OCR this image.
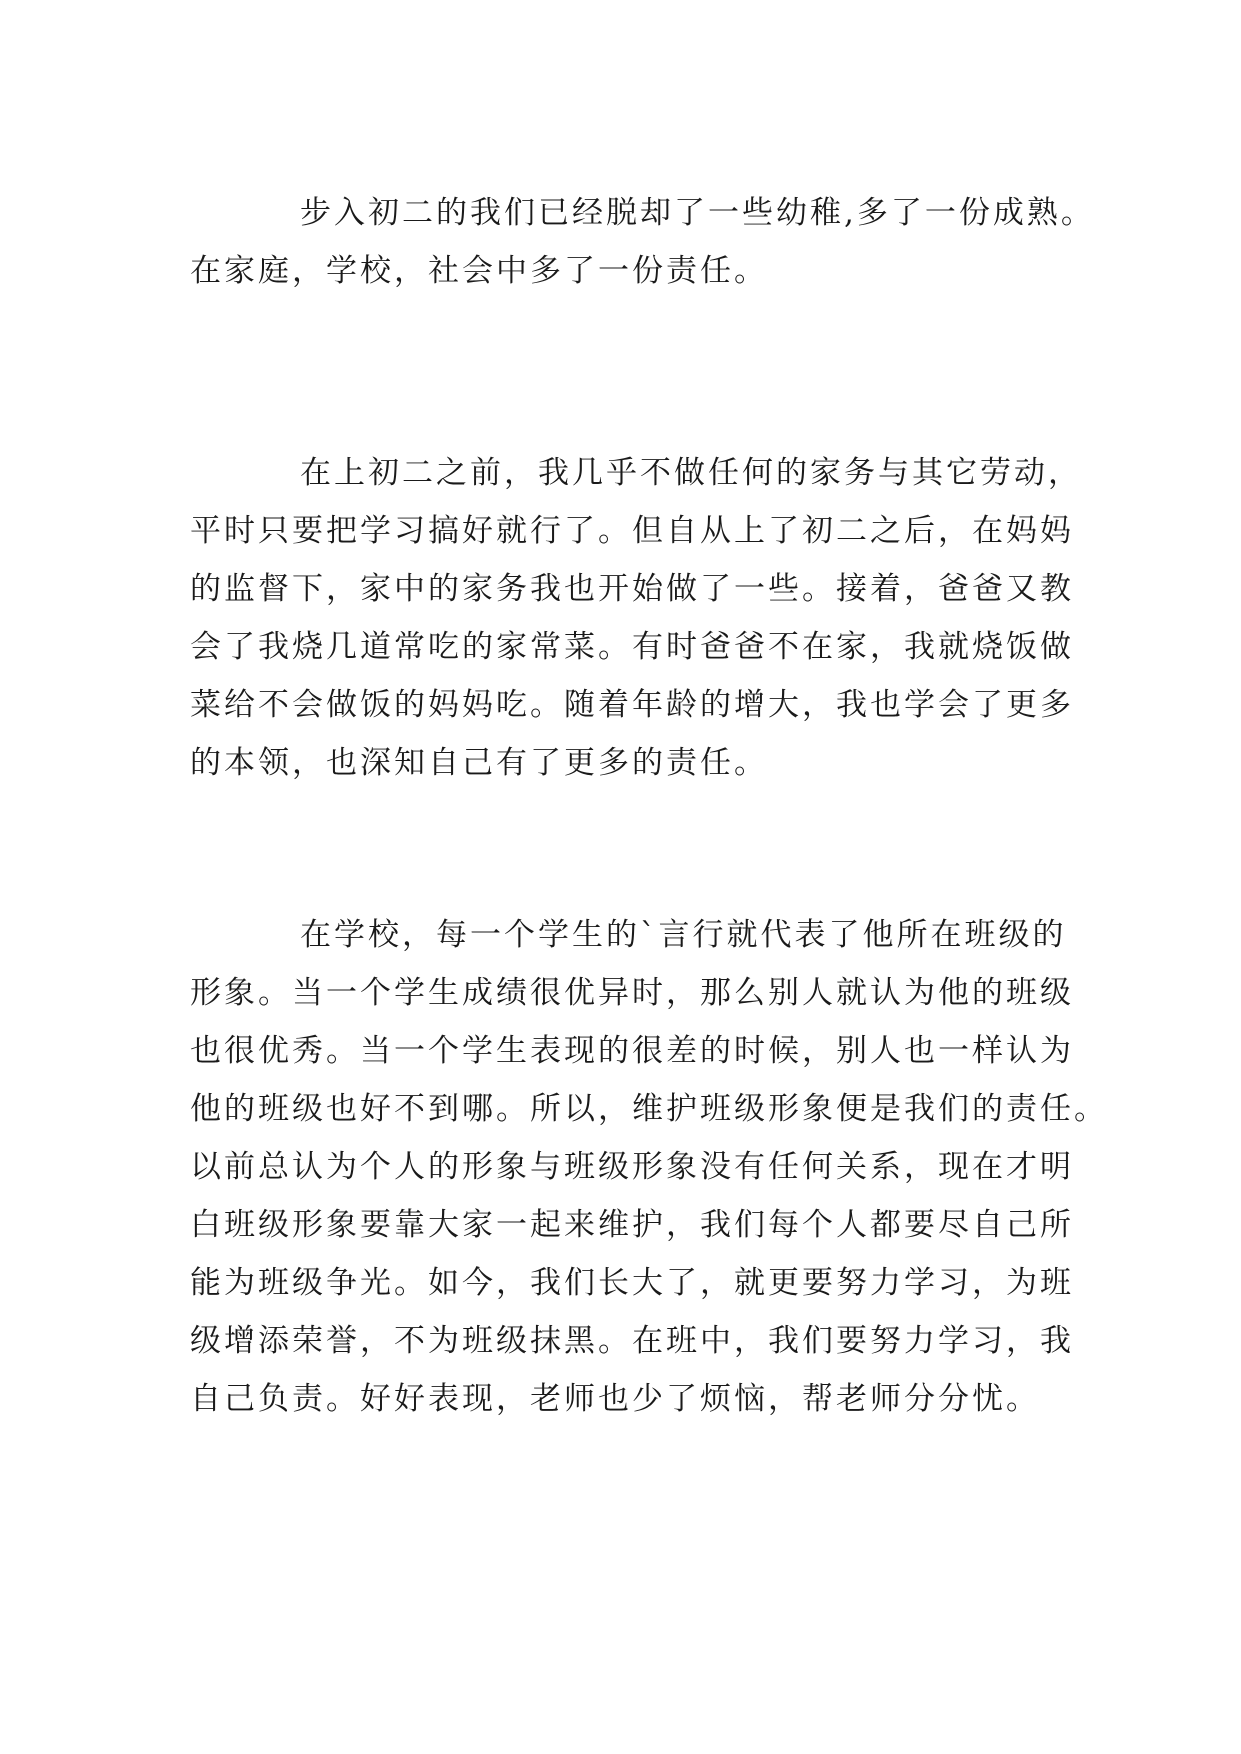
步入初二的我们已经脱却了一些幼稚,多了一份成熟。
在家庭，学校，社会中多了一份责任。
在上初二之前，我几乎不做任何的家务与其它劳动，
平时只要把学习搞好就行了。但自从上了初二之后，在妈妈
的监督下，家中的家务我也开始做了一些。接着，爸爸又教
会了我烧几道常吃的家常菜。有时爸爸不在家，我就烧饭做
菜给不会做饭的妈妈吃。随着年龄的增大，我也学会了更多
的本领，也深知自己有了更多的责任。
在学校，每一个学生的`言行就代表了他所在班级的
形象。当一个学生成绩很优异时，那么别人就认为他的班级
也很优秀。当一个学生表现的很差的时候，别人也一样认为
他的班级也好不到哪。所以，维护班级形象便是我们的责任。
以前总认为个人的形象与班级形象没有任何关系，现在才明
白班级形象要靠大家一起来维护，我们每个人都要尽自己所
能为班级争光。如今，我们长大了，就更要努力学习，为班
级增添荣誉，不为班级抹黑。在班中，我们要努力学习，我
自己负责。好好表现，老师也少了烦恼，帮老师分分忧。
